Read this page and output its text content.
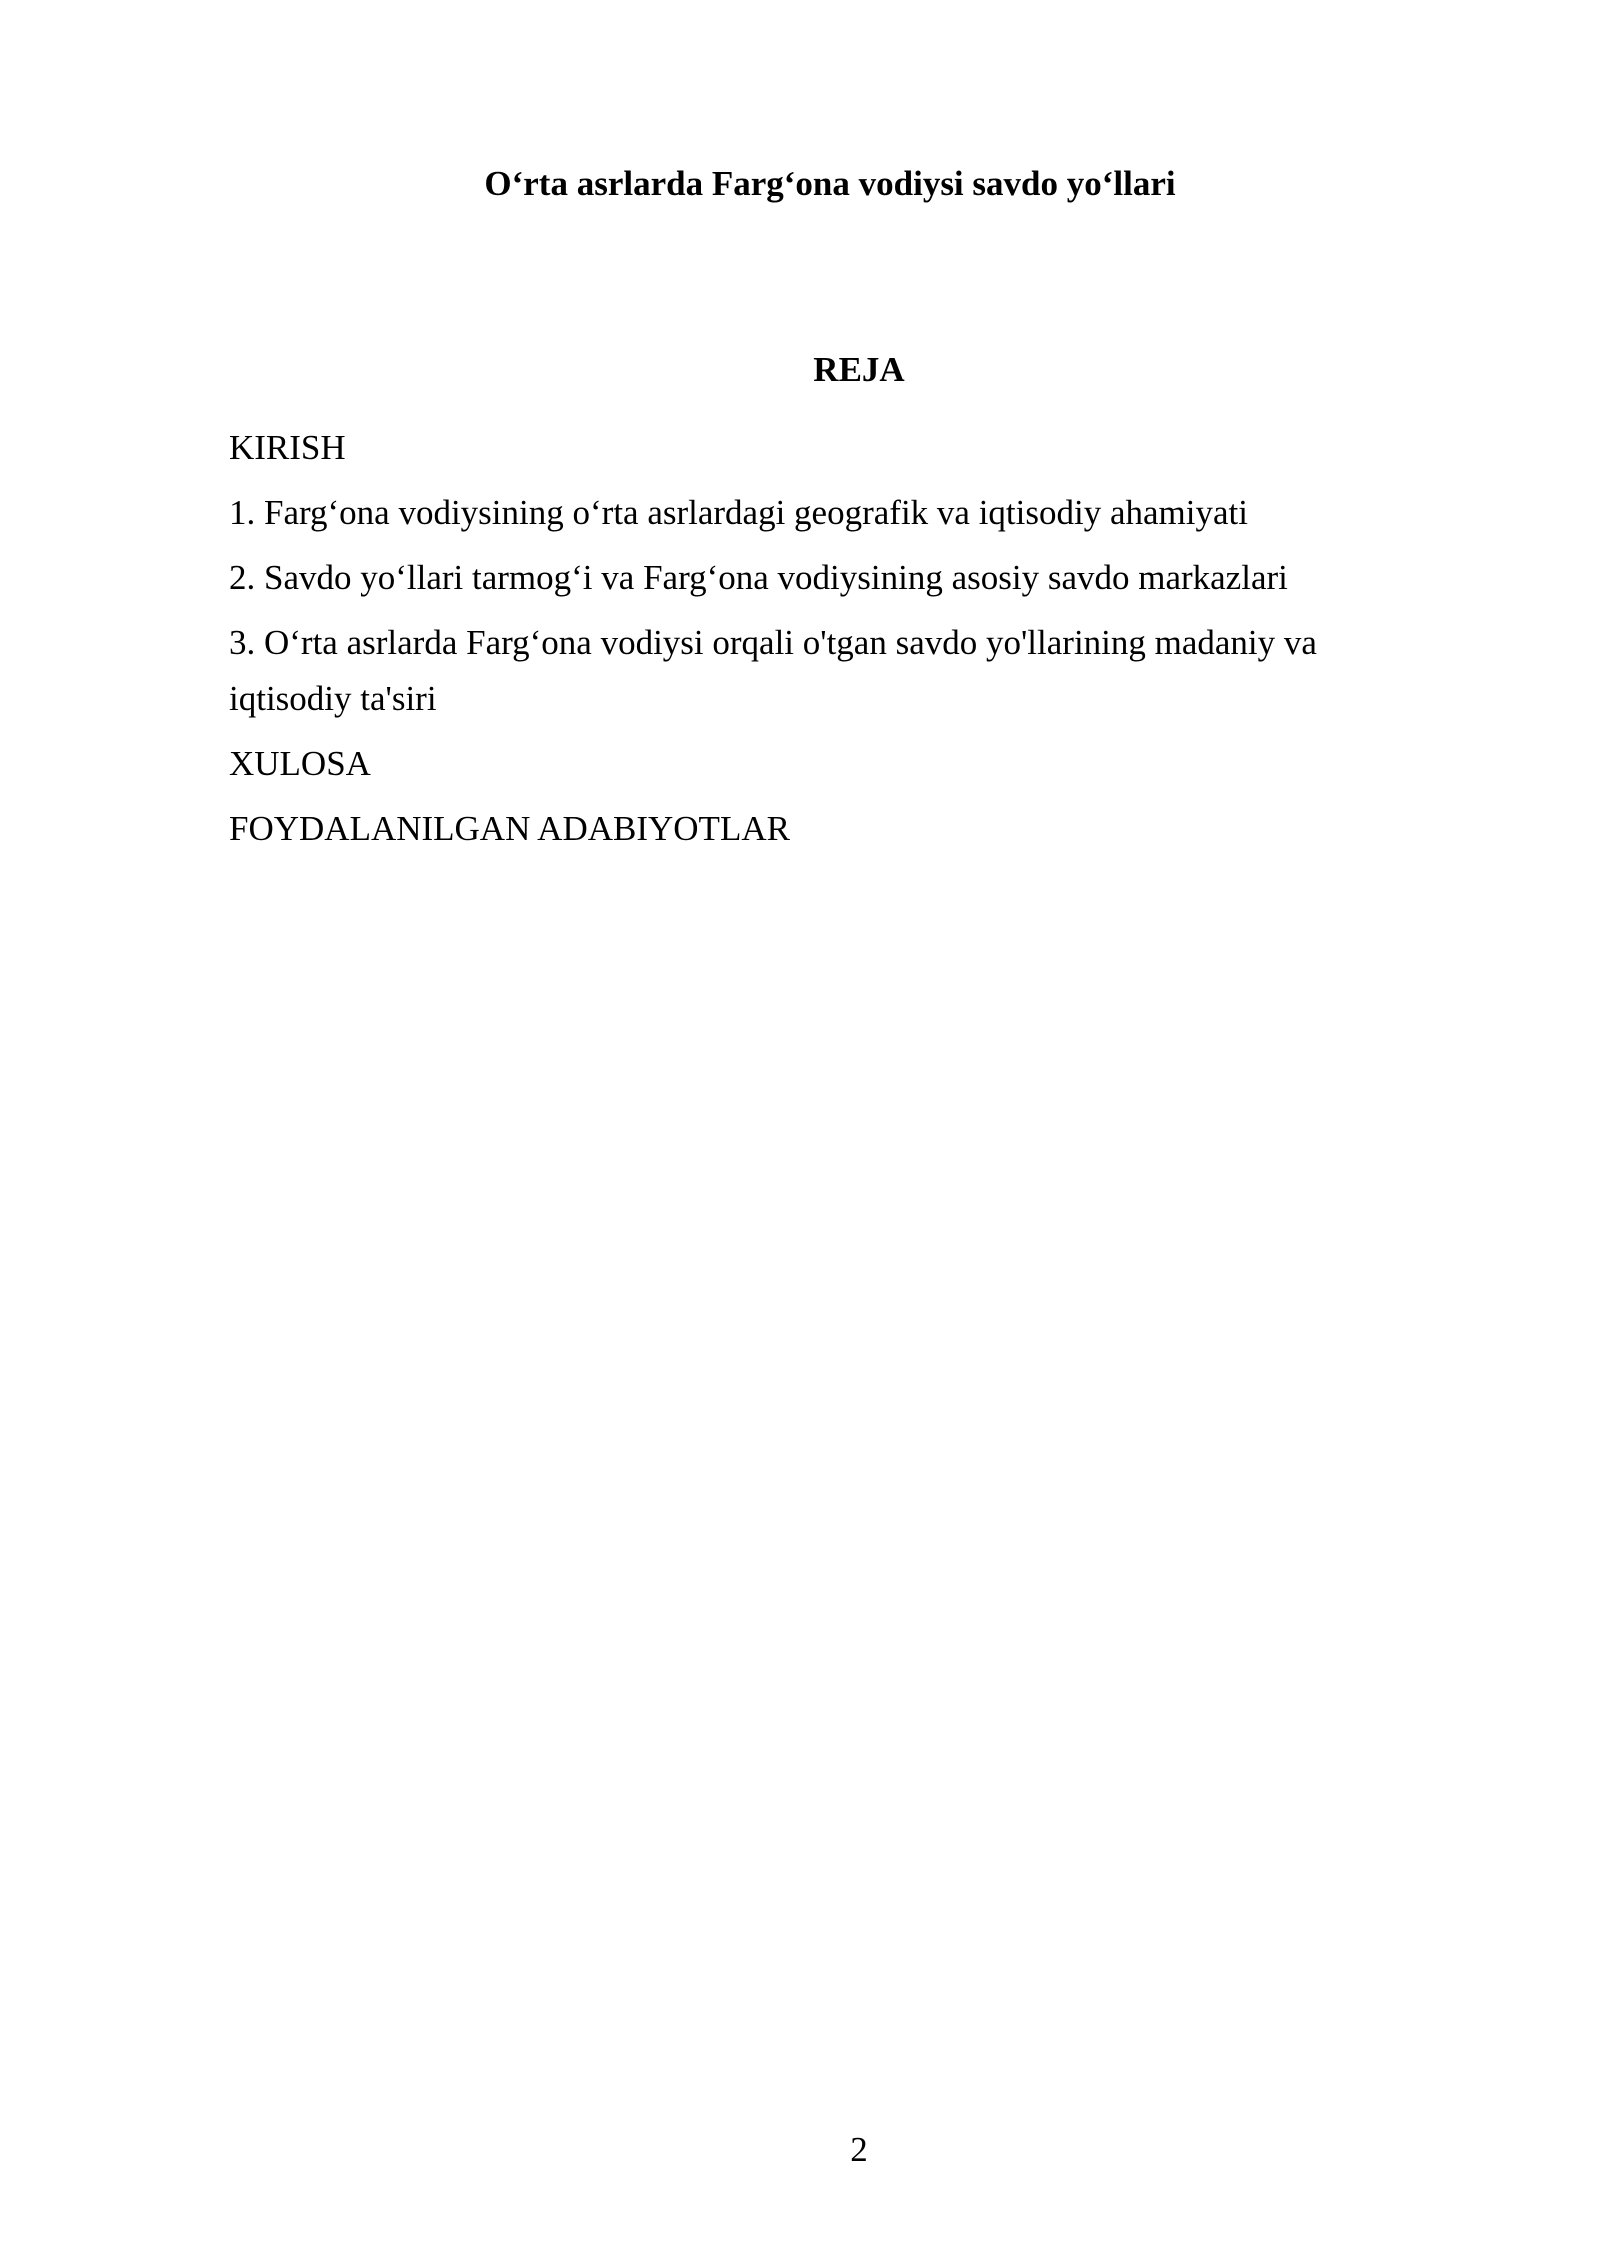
O‘rta asrlarda Farg‘ona vodiysi savdo yo‘llari
REJA
KIRISH
1. Farg‘ona vodiysining o‘rta asrlardagi geografik va iqtisodiy ahamiyati
2. Savdo yo‘llari tarmog‘i va Farg‘ona vodiysining asosiy savdo markazlari
3. O‘rta asrlarda Farg‘ona vodiysi orqali o'tgan savdo yo'llarining madaniy va iqtisodiy ta'siri
XULOSA
FOYDALANILGAN ADABIYOTLAR
2
